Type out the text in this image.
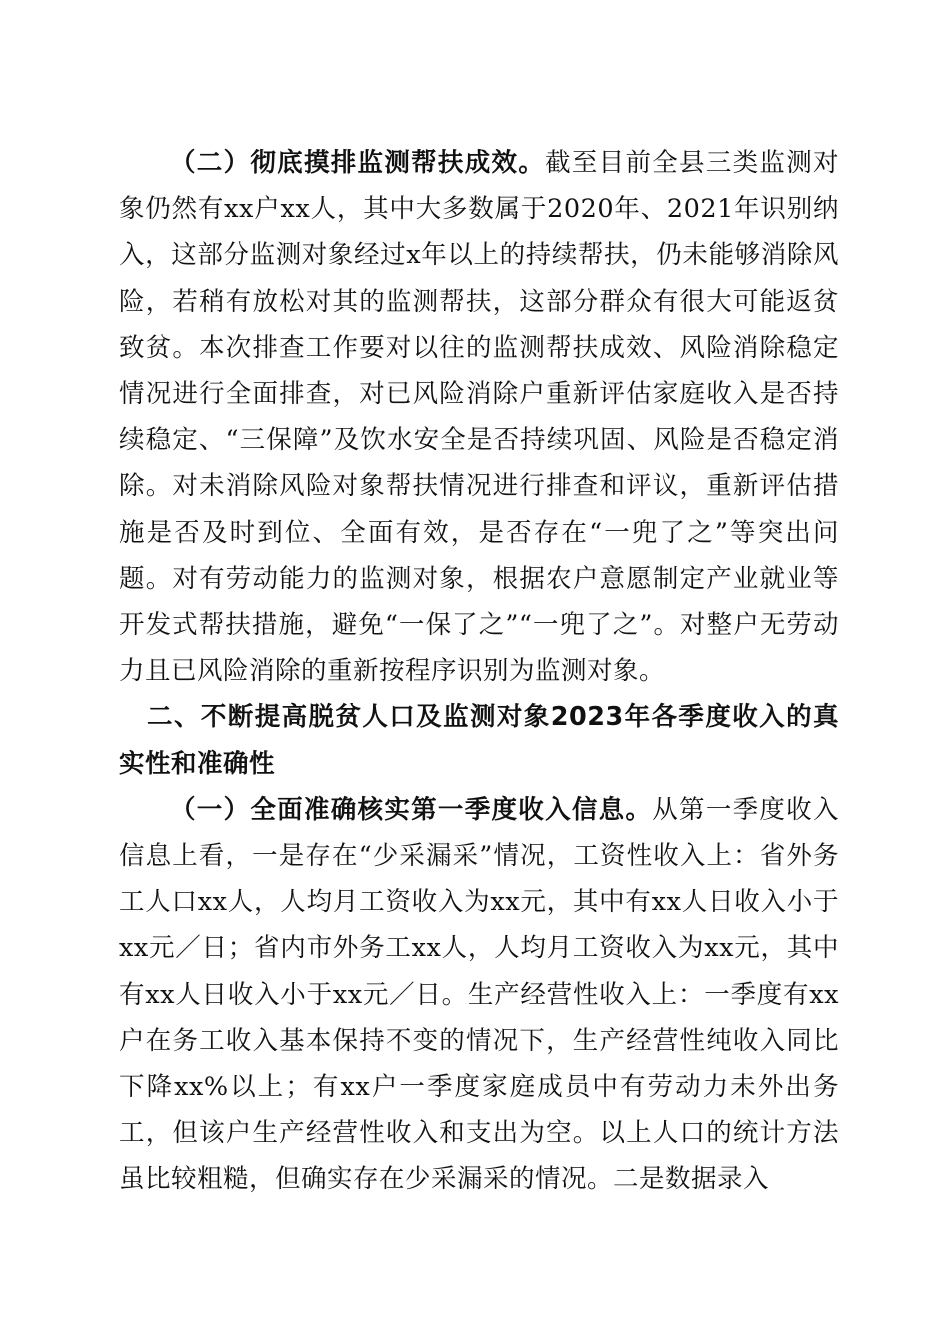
（二）彻底摸排监测帮扶成效。截至目前全县三类监测对象仍然有xx户xx人，其中大多数属于2020年、2021年识别纳入，这部分监测对象经过x年以上的持续帮扶，仍未能够消除风险，若稍有放松对其的监测帮扶，这部分群众有很大可能返贫致贫。本次排查工作要对以往的监测帮扶成效、风险消除稳定情况进行全面排查，对已风险消除户重新评估家庭收入是否持续稳定、“三保障”及饮水安全是否持续巩固、风险是否稳定消除。对未消除风险对象帮扶情况进行排查和评议，重新评估措施是否及时到位、全面有效，是否存在“一兜了之”等突出问题。对有劳动能力的监测对象，根据农户意愿制定产业就业等开发式帮扶措施，避免“一保了之”“一兜了之”。对整户无劳动力且已风险消除的重新按程序识别为监测对象。

二、不断提高脱贫人口及监测对象2023年各季度收入的真实性和准确性

（一）全面准确核实第一季度收入信息。从第一季度收入信息上看，一是存在“少采漏采”情况，工资性收入上：省外务工人口xx人，人均月工资收入为xx元，其中有xx人日收入小于xx元／日；省内市外务工xx人，人均月工资收入为xx元，其中有xx人日收入小于xx元／日。生产经营性收入上：一季度有xx户在务工收入基本保持不变的情况下，生产经营性纯收入同比下降xx%以上；有xx户一季度家庭成员中有劳动力未外出务工，但该户生产经营性收入和支出为空。以上人口的统计方法虽比较粗糙，但确实存在少采漏采的情况。二是数据录入
